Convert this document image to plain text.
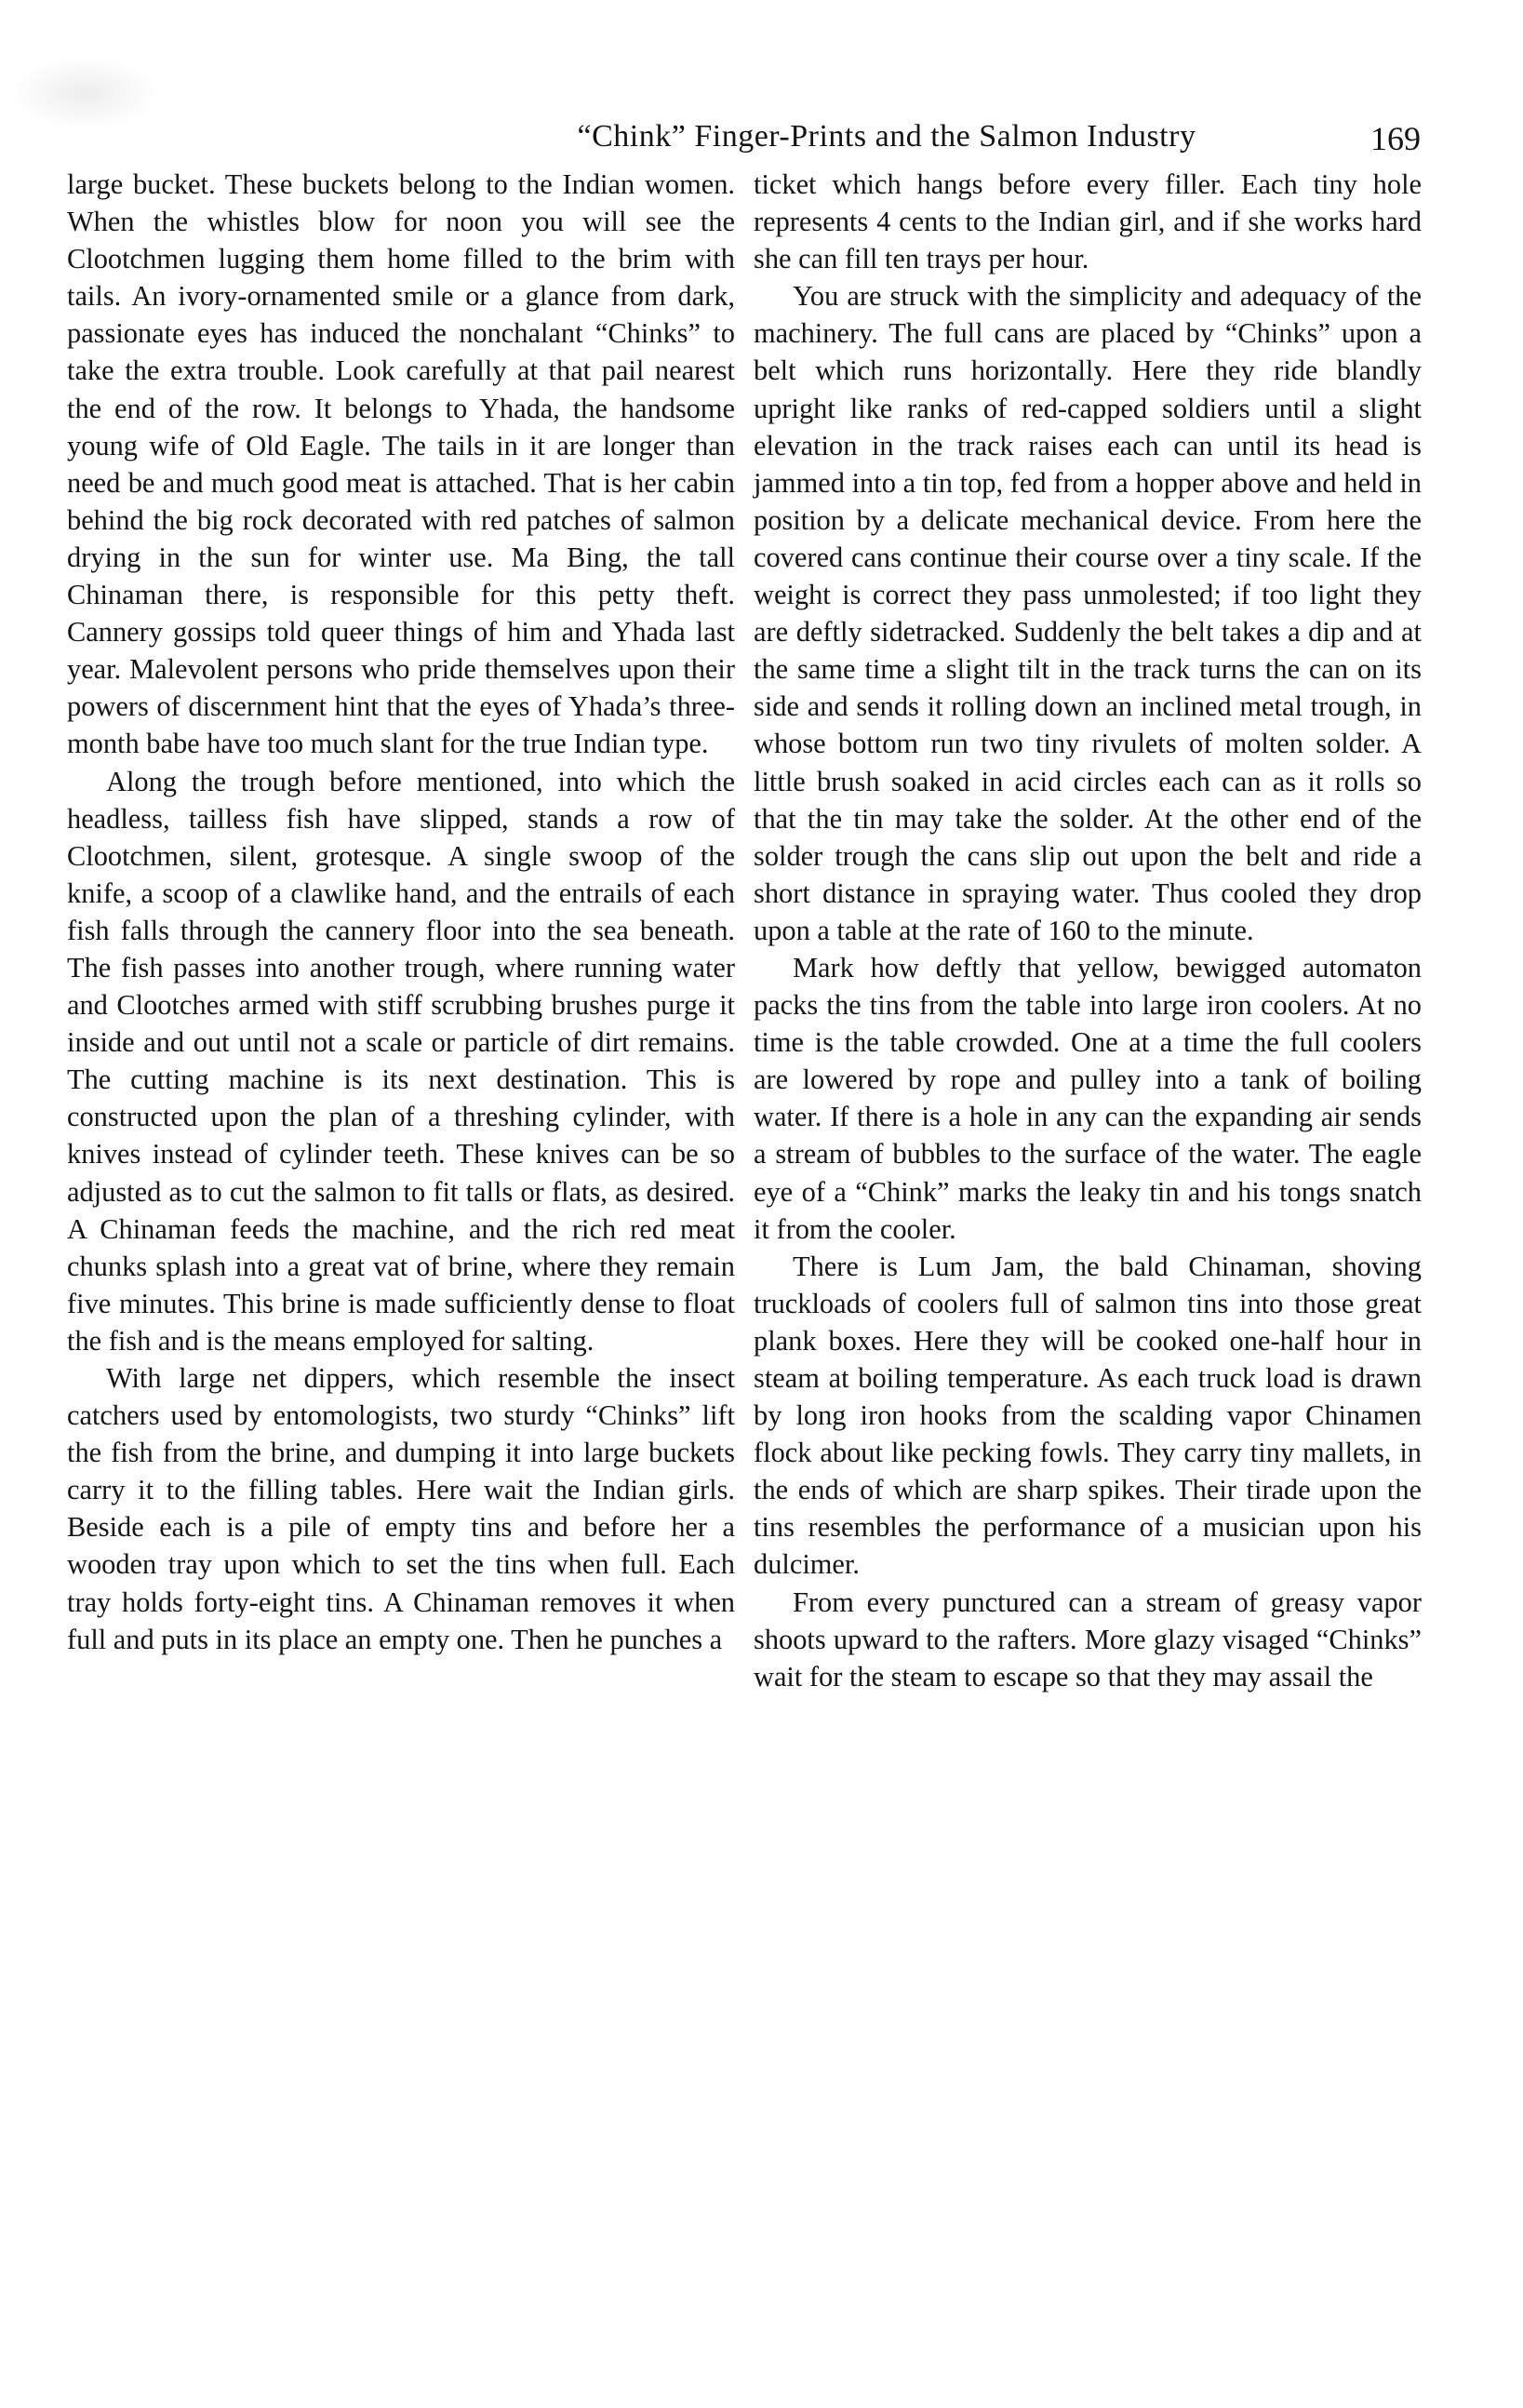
“Chink” Finger-Prints and the Salmon Industry	169

large bucket. These buckets belong to the Indian women. When the whistles blow for noon you will see the Clootchmen lugging them home filled to the brim with tails. An ivory-ornamented smile or a glance from dark, passionate eyes has induced the nonchalant “Chinks” to take the extra trouble. Look carefully at that pail nearest the end of the row. It belongs to Yhada, the handsome young wife of Old Eagle. The tails in it are longer than need be and much good meat is attached. That is her cabin behind the big rock decorated with red patches of salmon drying in the sun for winter use. Ma Bing, the tall Chinaman there, is responsible for this petty theft. Cannery gossips told queer things of him and Yhada last year. Malevolent persons who pride themselves upon their powers of discernment hint that the eyes of Yhada’s three-month babe have too much slant for the true Indian type.

Along the trough before mentioned, into which the headless, tailless fish have slipped, stands a row of Clootchmen, silent, grotesque. A single swoop of the knife, a scoop of a clawlike hand, and the entrails of each fish falls through the cannery floor into the sea beneath. The fish passes into another trough, where running water and Clootches armed with stiff scrubbing brushes purge it inside and out until not a scale or particle of dirt remains. The cutting machine is its next destination. This is constructed upon the plan of a threshing cylinder, with knives instead of cylinder teeth. These knives can be so adjusted as to cut the salmon to fit talls or flats, as desired. A Chinaman feeds the machine, and the rich red meat chunks splash into a great vat of brine, where they remain five minutes. This brine is made sufficiently dense to float the fish and is the means employed for salting.

With large net dippers, which resemble the insect catchers used by entomologists, two sturdy “Chinks” lift the fish from the brine, and dumping it into large buckets carry it to the filling tables. Here wait the Indian girls. Beside each is a pile of empty tins and before her a wooden tray upon which to set the tins when full. Each tray holds forty-eight tins. A Chinaman removes it when full and puts in its place an empty one. Then he punches a

ticket which hangs before every filler. Each tiny hole represents 4 cents to the Indian girl, and if she works hard she can fill ten trays per hour.

You are struck with the simplicity and adequacy of the machinery. The full cans are placed by “Chinks” upon a belt which runs horizontally. Here they ride blandly upright like ranks of red-capped soldiers until a slight elevation in the track raises each can until its head is jammed into a tin top, fed from a hopper above and held in position by a delicate mechanical device. From here the covered cans continue their course over a tiny scale. If the weight is correct they pass unmolested; if too light they are deftly sidetracked. Suddenly the belt takes a dip and at the same time a slight tilt in the track turns the can on its side and sends it rolling down an inclined metal trough, in whose bottom run two tiny rivulets of molten solder. A little brush soaked in acid circles each can as it rolls so that the tin may take the solder. At the other end of the solder trough the cans slip out upon the belt and ride a short distance in spraying water. Thus cooled they drop upon a table at the rate of 160 to the minute.

Mark how deftly that yellow, bewigged automaton packs the tins from the table into large iron coolers. At no time is the table crowded. One at a time the full coolers are lowered by rope and pulley into a tank of boiling water. If there is a hole in any can the expanding air sends a stream of bubbles to the surface of the water. The eagle eye of a “Chink” marks the leaky tin and his tongs snatch it from the cooler.

There is Lum Jam, the bald Chinaman, shoving truckloads of coolers full of salmon tins into those great plank boxes. Here they will be cooked one-half hour in steam at boiling temperature. As each truck load is drawn by long iron hooks from the scalding vapor Chinamen flock about like pecking fowls. They carry tiny mallets, in the ends of which are sharp spikes. Their tirade upon the tins resembles the performance of a musician upon his dulcimer.

From every punctured can a stream of greasy vapor shoots upward to the rafters. More glazy visaged “Chinks” wait for the steam to escape so that they may assail the
